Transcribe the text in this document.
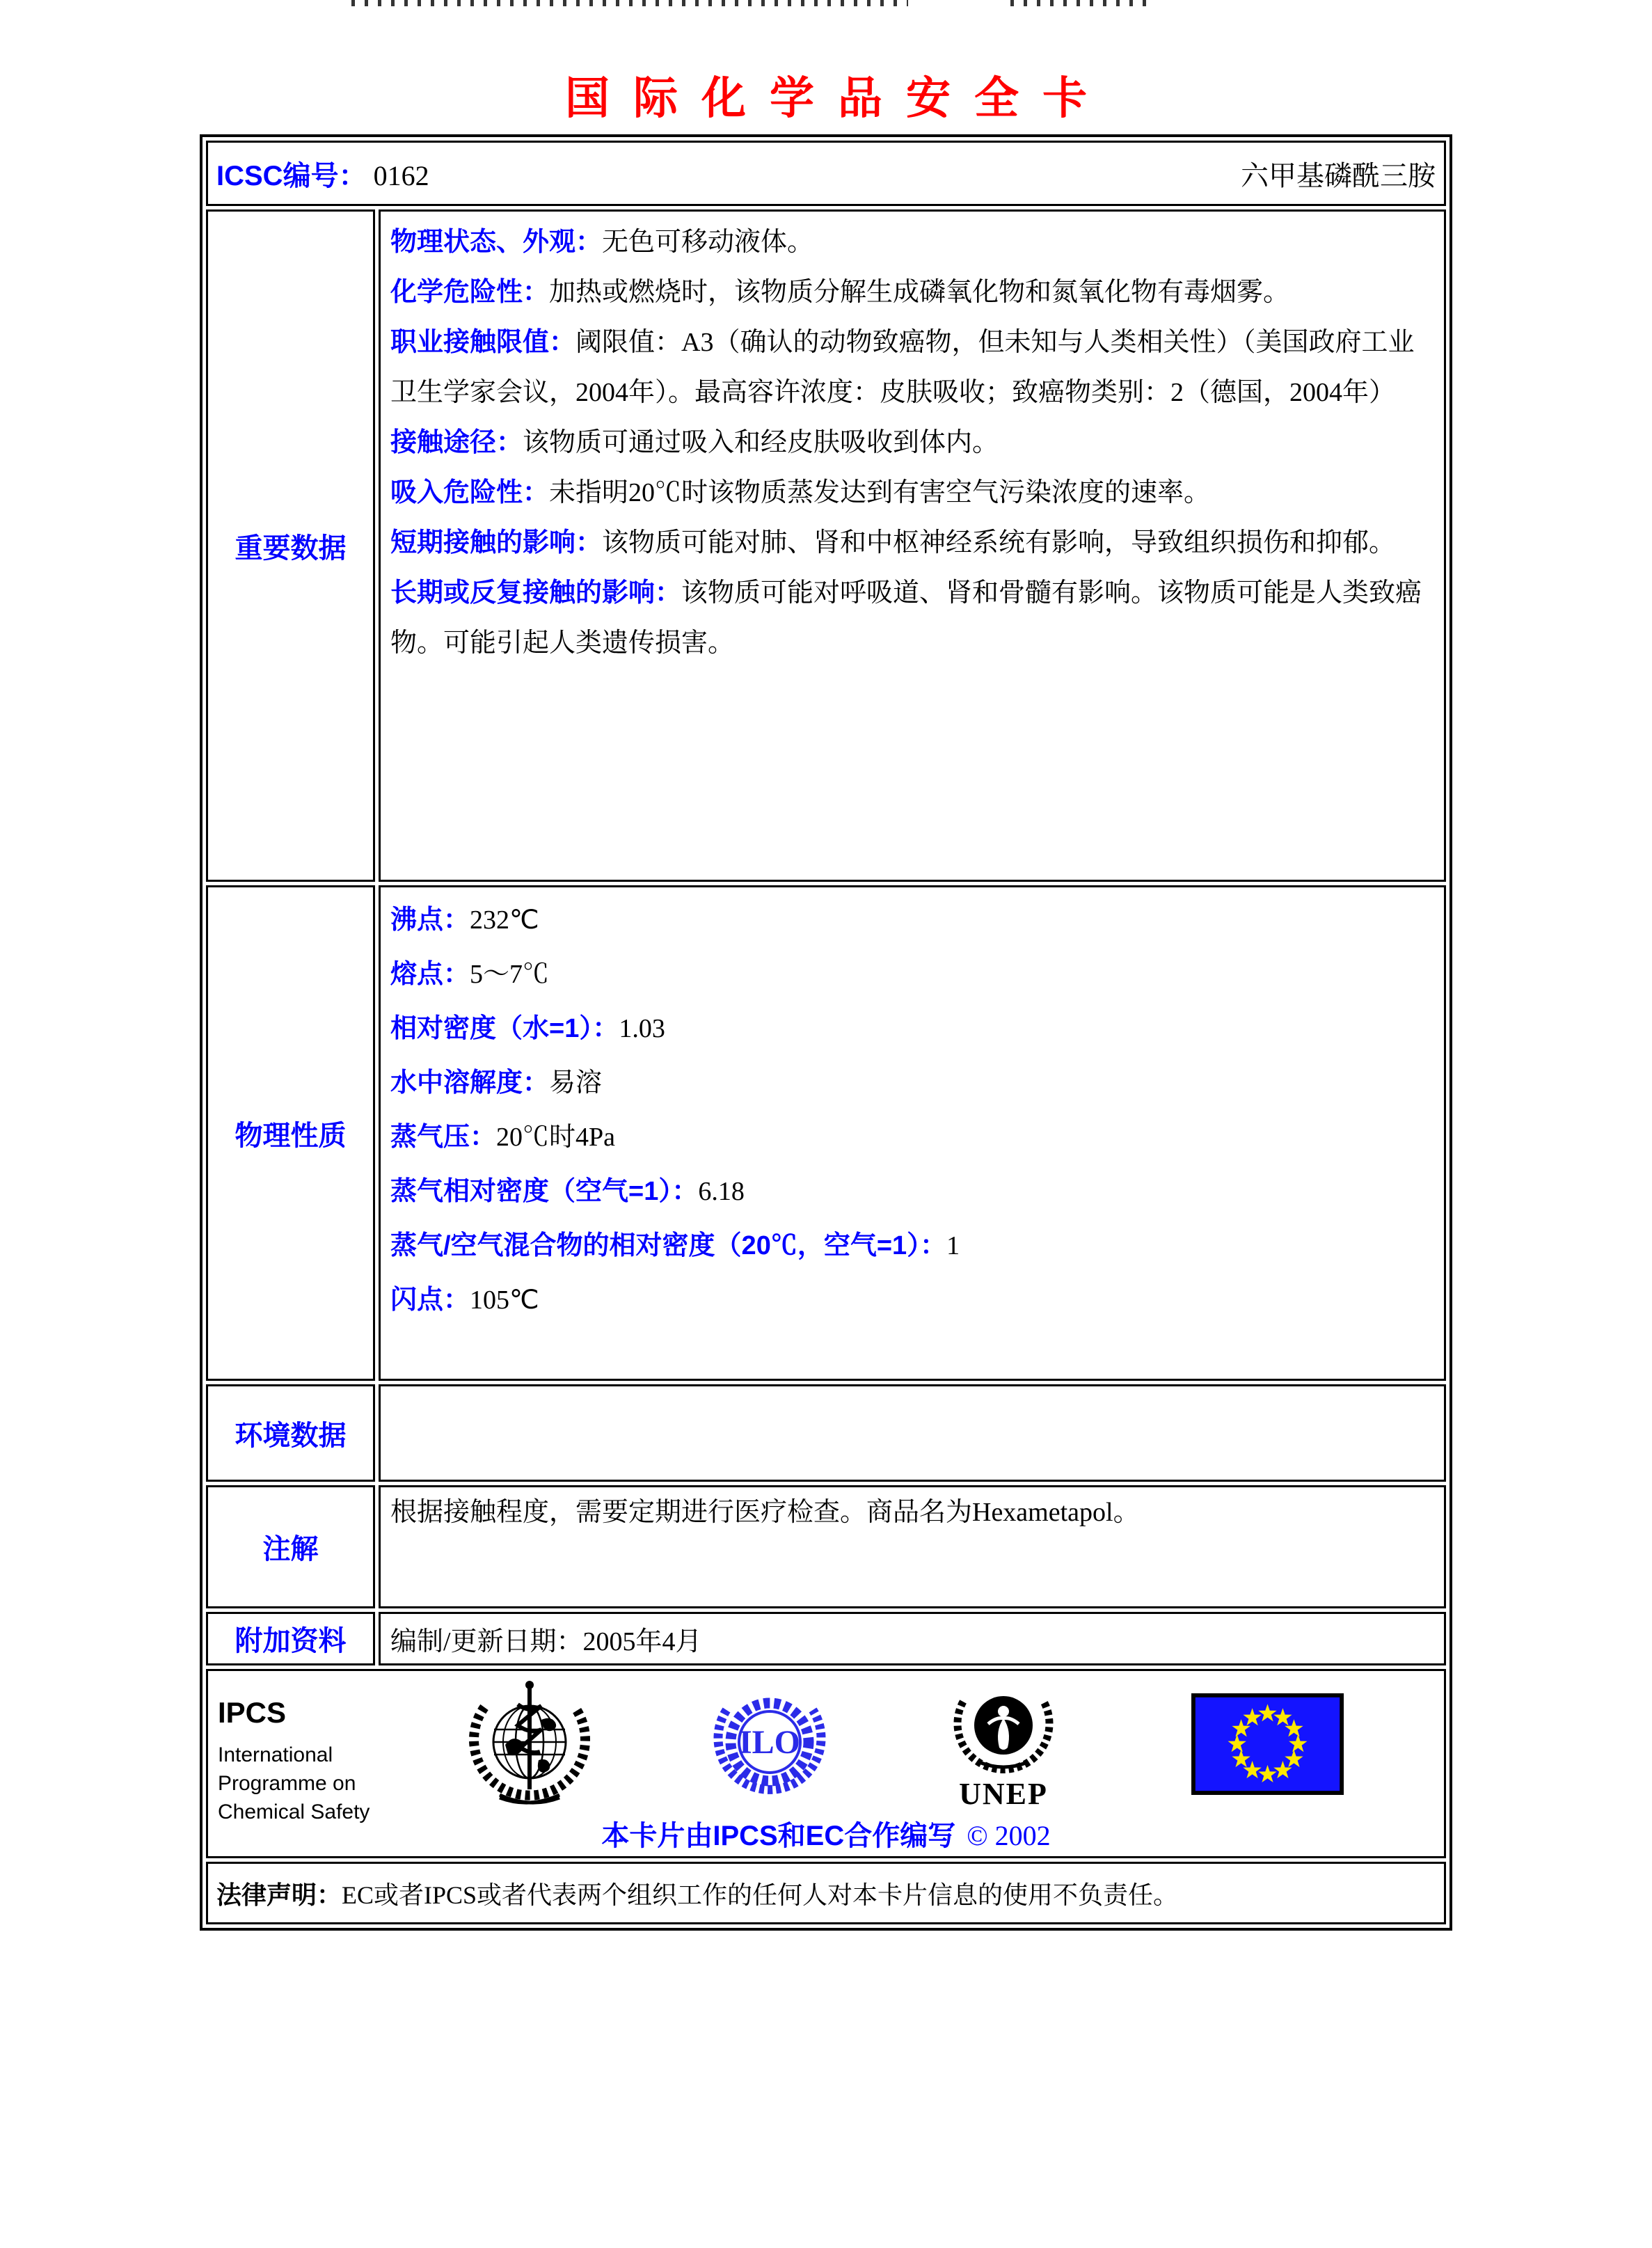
国际化学品安全卡
ICSC编号： 0162 六甲基磷酰三胺	

重要数据	
物理状态、外观：无色可移动液体。
化学危险性：加热或燃烧时，该物质分解生成磷氧化物和氮氧化物有毒烟雾。
职业接触限值：阈限值：A3（确认的动物致癌物，但未知与人类相关性）（美国政府工业卫生学家会议，2004年）。最高容许浓度：皮肤吸收；致癌物类别：2（德国，2004年）
接触途径：该物质可通过吸入和经皮肤吸收到体内。
吸入危险性：未指明20℃时该物质蒸发达到有害空气污染浓度的速率。
短期接触的影响：该物质可能对肺、肾和中枢神经系统有影响，导致组织损伤和抑郁。
长期或反复接触的影响：该物质可能对呼吸道、肾和骨髓有影响。该物质可能是人类致癌物。可能引起人类遗传损害。

物理性质	
沸点：232℃
熔点：5～7℃
相对密度（水=1）：1.03
水中溶解度：易溶
蒸气压：20℃时4Pa
蒸气相对密度（空气=1）：6.18
蒸气/空气混合物的相对密度（20℃，空气=1）：1
闪点：105℃

环境数据	
注解	根据接触程度，需要定期进行医疗检查。商品名为Hexametapol。

附加资料	编制/更新日期：2005年4月

IPCS
International
Programme on
Chemical Safety
ILO
UNEP
本卡片由IPCS和EC合作编写 © 2002

法律声明： EC或者IPCS或者代表两个组织工作的任何人对本卡片信息的使用不负责任。	
